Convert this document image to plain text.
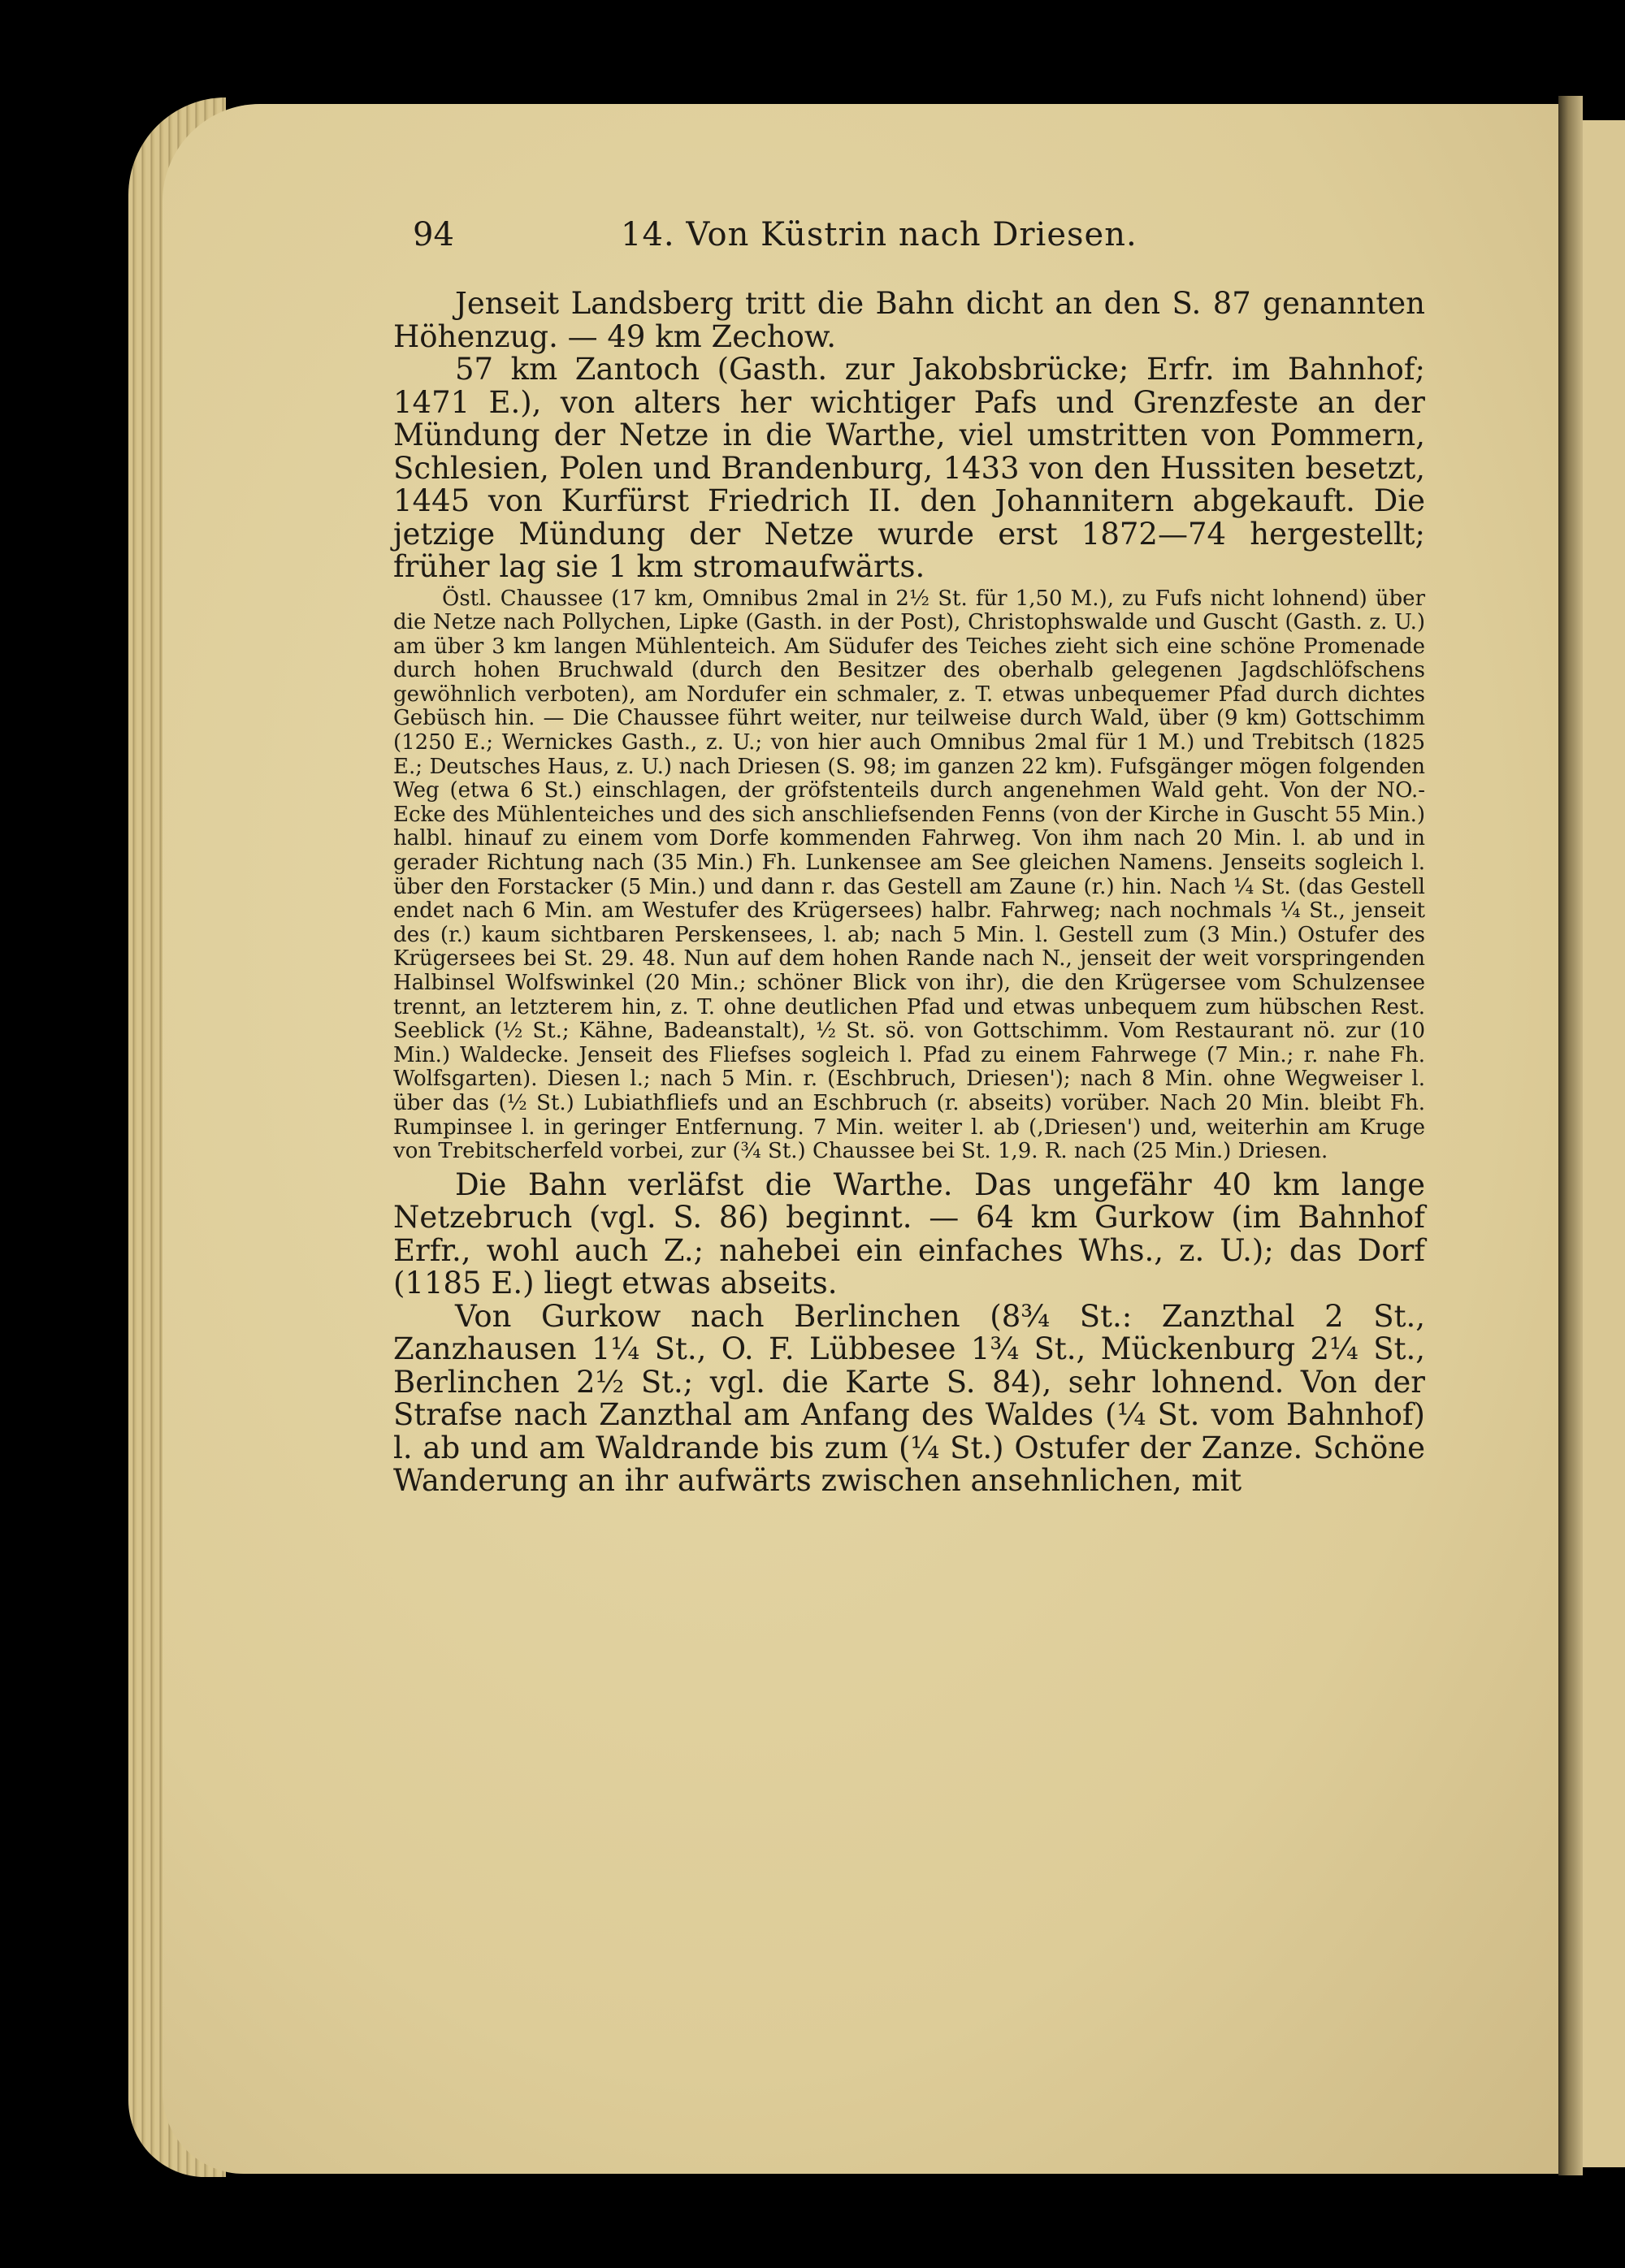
94	14. Von Küstrin nach Driesen.

Jenseit Landsberg tritt die Bahn dicht an den S. 87 genannten Höhenzug. — 49 km Zechow.

57 km Zantoch (Gasth. zur Jakobsbrücke; Erfr. im Bahnhof; 1471 E.), von alters her wichtiger Pafs und Grenzfeste an der Mündung der Netze in die Warthe, viel umstritten von Pommern, Schlesien, Polen und Brandenburg, 1433 von den Hussiten besetzt, 1445 von Kurfürst Friedrich II. den Johannitern abgekauft. Die jetzige Mündung der Netze wurde erst 1872—74 hergestellt; früher lag sie 1 km stromaufwärts.

Östl. Chaussee (17 km, Omnibus 2mal in 2½ St. für 1,50 M.), zu Fufs nicht lohnend) über die Netze nach Pollychen, Lipke (Gasth. in der Post), Christophswalde und Guscht (Gasth. z. U.) am über 3 km langen Mühlenteich. Am Südufer des Teiches zieht sich eine schöne Promenade durch hohen Bruchwald (durch den Besitzer des oberhalb gelegenen Jagdschlöfschens gewöhnlich verboten), am Nordufer ein schmaler, z. T. etwas unbequemer Pfad durch dichtes Gebüsch hin. — Die Chaussee führt weiter, nur teilweise durch Wald, über (9 km) Gottschimm (1250 E.; Wernickes Gasth., z. U.; von hier auch Omnibus 2mal für 1 M.) und Trebitsch (1825 E.; Deutsches Haus, z. U.) nach Driesen (S. 98; im ganzen 22 km). Fufsgänger mögen folgenden Weg (etwa 6 St.) einschlagen, der gröfstenteils durch angenehmen Wald geht. Von der NO.-Ecke des Mühlenteiches und des sich anschliefsenden Fenns (von der Kirche in Guscht 55 Min.) halbl. hinauf zu einem vom Dorfe kommenden Fahrweg. Von ihm nach 20 Min. l. ab und in gerader Richtung nach (35 Min.) Fh. Lunkensee am See gleichen Namens. Jenseits sogleich l. über den Forstacker (5 Min.) und dann r. das Gestell am Zaune (r.) hin. Nach ¼ St. (das Gestell endet nach 6 Min. am Westufer des Krügersees) halbr. Fahrweg; nach nochmals ¼ St., jenseit des (r.) kaum sichtbaren Perskensees, l. ab; nach 5 Min. l. Gestell zum (3 Min.) Ostufer des Krügersees bei St. 29. 48. Nun auf dem hohen Rande nach N., jenseit der weit vorspringenden Halbinsel Wolfswinkel (20 Min.; schöner Blick von ihr), die den Krügersee vom Schulzensee trennt, an letzterem hin, z. T. ohne deutlichen Pfad und etwas unbequem zum hübschen Rest. Seeblick (½ St.; Kähne, Badeanstalt), ½ St. sö. von Gottschimm. Vom Restaurant nö. zur (10 Min.) Waldecke. Jenseit des Fliefses sogleich l. Pfad zu einem Fahrwege (7 Min.; r. nahe Fh. Wolfsgarten). Diesen l.; nach 5 Min. r. (Eschbruch, Driesen'); nach 8 Min. ohne Wegweiser l. über das (½ St.) Lubiathfliefs und an Eschbruch (r. abseits) vorüber. Nach 20 Min. bleibt Fh. Rumpinsee l. in geringer Entfernung. 7 Min. weiter l. ab (,Driesen') und, weiterhin am Kruge von Trebitscherfeld vorbei, zur (¾ St.) Chaussee bei St. 1,9. R. nach (25 Min.) Driesen.

Die Bahn verläfst die Warthe. Das ungefähr 40 km lange Netzebruch (vgl. S. 86) beginnt. — 64 km Gurkow (im Bahnhof Erfr., wohl auch Z.; nahebei ein einfaches Whs., z. U.); das Dorf (1185 E.) liegt etwas abseits.

Von Gurkow nach Berlinchen (8¾ St.: Zanzthal 2 St., Zanzhausen 1¼ St., O. F. Lübbesee 1¾ St., Mückenburg 2¼ St., Berlinchen 2½ St.; vgl. die Karte S. 84), sehr lohnend. Von der Strafse nach Zanzthal am Anfang des Waldes (¼ St. vom Bahnhof) l. ab und am Waldrande bis zum (¼ St.) Ostufer der Zanze. Schöne Wanderung an ihr aufwärts zwischen ansehnlichen, mit
